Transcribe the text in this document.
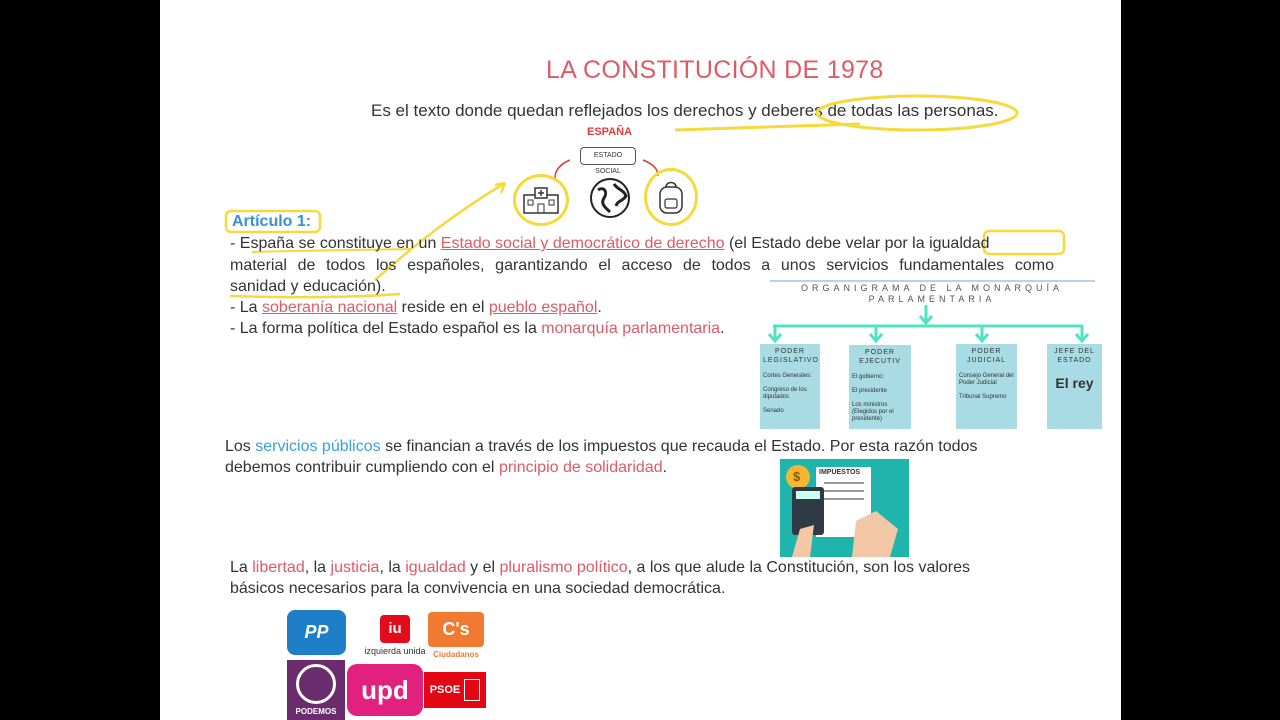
LA CONSTITUCIÓN DE 1978
Es el texto donde quedan reflejados los derechos y deberes de todas las personas.
ESPAÑA
ESTADO SOCIAL
Artículo 1:
- España se constituye en un Estado social y democrático de derecho (el Estado debe velar por la igualdad
material de todos los españoles, garantizando el acceso de todos a unos servicios fundamentales como
sanidad y educación).
- La soberanía nacional reside en el pueblo español.
- La forma política del Estado español es la monarquía parlamentaria.
ORGANIGRAMA DE LA MONARQUÍA PARLAMENTARIA
PODER LEGISLATIVO
Cortes Generales:
Congreso de los diputados
Senado
PODER EJECUTIV
El gobierno:
El presidente
Los ministros (Elegidos por el presidente)
PODER JUDICIAL
Consejo General del Poder Judicial
Tribunal Supremo
JEFE DEL ESTADO
El rey
Los servicios públicos se financian a través de los impuestos que recauda el Estado. Por esta razón todos
debemos contribuir cumpliendo con el principio de solidaridad.	IMPUESTOS
$
La libertad, la justicia, la igualdad y el pluralismo político, a los que alude la Constitución, son los valores
básicos necesarios para la convivencia en una sociedad democrática.
PP	iu
izquierda unida
C's
Ciudadanos
PODEMOS
upd PSOE
